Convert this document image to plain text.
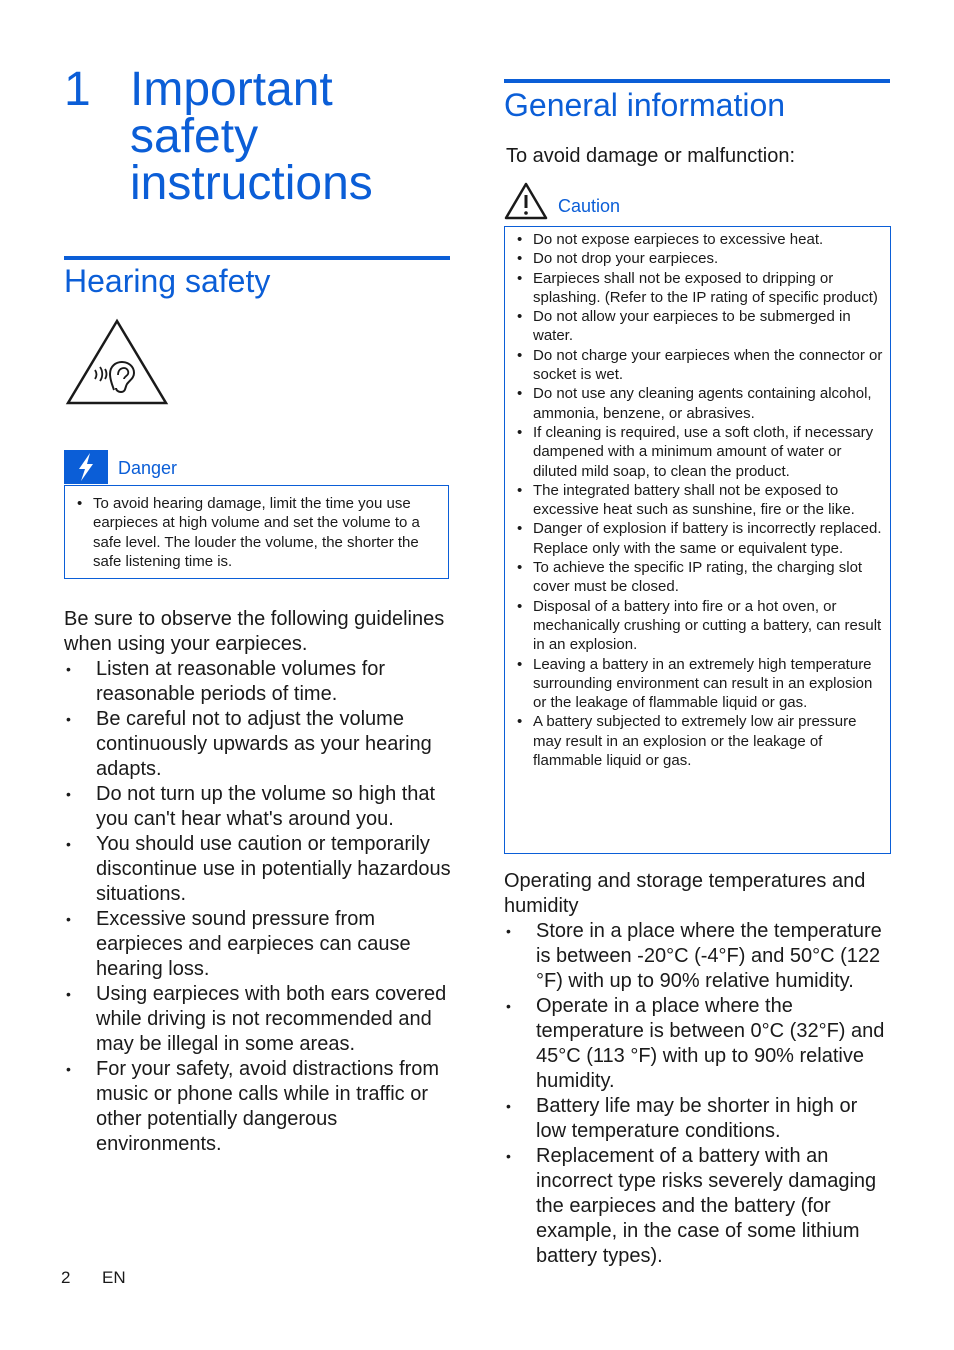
1 Important safety instructions
Hearing safety
Danger
• To avoid hearing damage, limit the time you use earpieces at high volume and set the volume to a safe level. The louder the volume, the shorter the safe listening time is.
Be sure to observe the following guidelines when using your earpieces.
• Listen at reasonable volumes for reasonable periods of time.
• Be careful not to adjust the volume continuously upwards as your hearing adapts.
• Do not turn up the volume so high that you can't hear what's around you.
• You should use caution or temporarily discontinue use in potentially hazardous situations.
• Excessive sound pressure from earpieces and earpieces can cause hearing loss.
• Using earpieces with both ears covered while driving is not recommended and may be illegal in some areas.
• For your safety, avoid distractions from music or phone calls while in traffic or other potentially dangerous environments.
General information
To avoid damage or malfunction:
Caution
• Do not expose earpieces to excessive heat.
• Do not drop your earpieces.
• Earpieces shall not be exposed to dripping or splashing. (Refer to the IP rating of specific product)
• Do not allow your earpieces to be submerged in water.
• Do not charge your earpieces when the connector or socket is wet.
• Do not use any cleaning agents containing alcohol, ammonia, benzene, or abrasives.
• If cleaning is required, use a soft cloth, if necessary dampened with a minimum amount of water or diluted mild soap, to clean the product.
• The integrated battery shall not be exposed to excessive heat such as sunshine, fire or the like.
• Danger of explosion if battery is incorrectly replaced. Replace only with the same or equivalent type.
• To achieve the specific IP rating, the charging slot cover must be closed.
• Disposal of a battery into fire or a hot oven, or mechanically crushing or cutting a battery, can result in an explosion.
• Leaving a battery in an extremely high temperature surrounding environment can result in an explosion or the leakage of flammable liquid or gas.
• A battery subjected to extremely low air pressure may result in an explosion or the leakage of flammable liquid or gas.
Operating and storage temperatures and humidity
• Store in a place where the temperature is between -20°C (-4°F) and 50°C (122 °F) with up to 90% relative humidity.
• Operate in a place where the temperature is between 0°C (32°F) and 45°C (113 °F) with up to 90% relative humidity.
• Battery life may be shorter in high or low temperature conditions.
• Replacement of a battery with an incorrect type risks severely damaging the earpieces and the battery (for example, in the case of some lithium battery types).
2 EN
